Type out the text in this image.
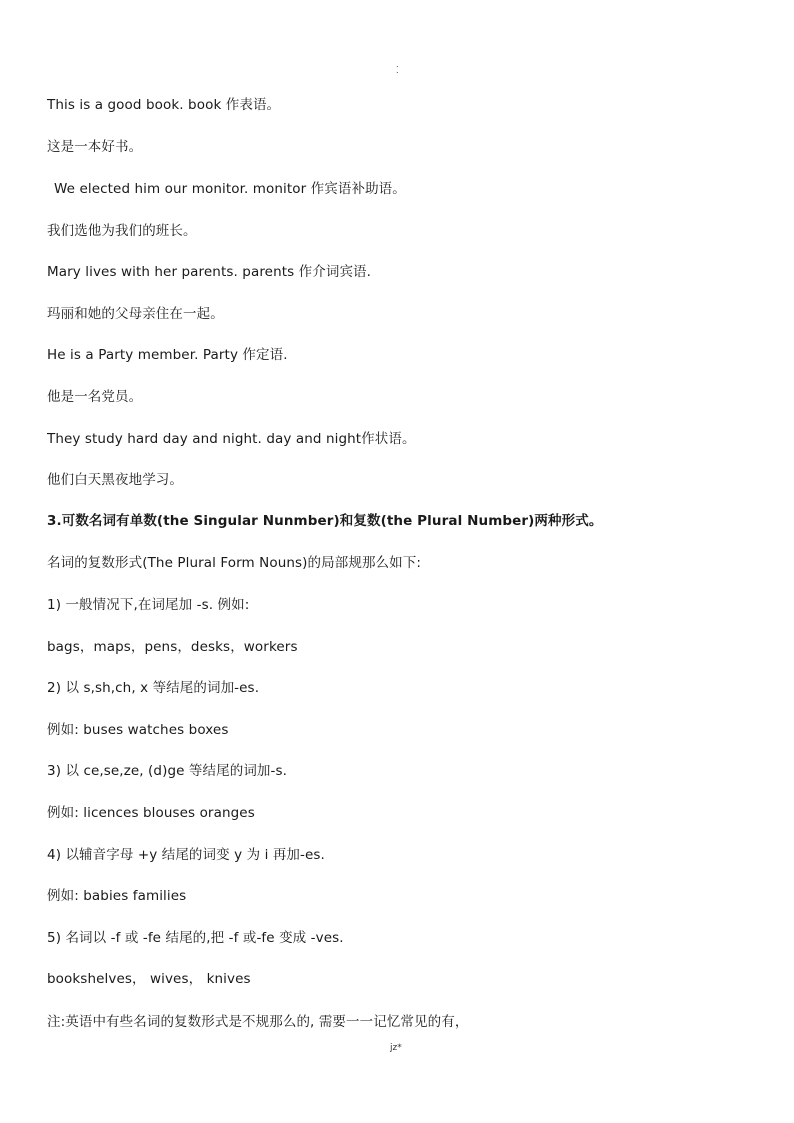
.
.
This is a good book. book 作表语。
这是一本好书。
We elected him our monitor. monitor 作宾语补助语。
我们选他为我们的班长。
Mary lives with her parents. parents 作介词宾语.
玛丽和她的父母亲住在一起。
He is a Party member. Party 作定语.
他是一名党员。
They study hard day and night. day and night作状语。
他们白天黑夜地学习。
3.可数名词有单数(the Singular Nunmber)和复数(the Plural Number)两种形式。
名词的复数形式(The Plural Form Nouns)的局部规那么如下:
1) 一般情况下,在词尾加 -s. 例如:
bags，maps，pens，desks，workers
2) 以 s,sh,ch, x 等结尾的词加-es.
例如: buses watches boxes
3) 以 ce,se,ze, (d)ge 等结尾的词加-s.
例如: licences blouses oranges
4) 以辅音字母 +y 结尾的词变 y 为 i 再加-es.
例如: babies families
5) 名词以 -f 或 -fe 结尾的,把 -f 或-fe 变成 -ves.
bookshelves， wives， knives
注:英语中有些名词的复数形式是不规那么的, 需要一一记忆常见的有，
jz*
